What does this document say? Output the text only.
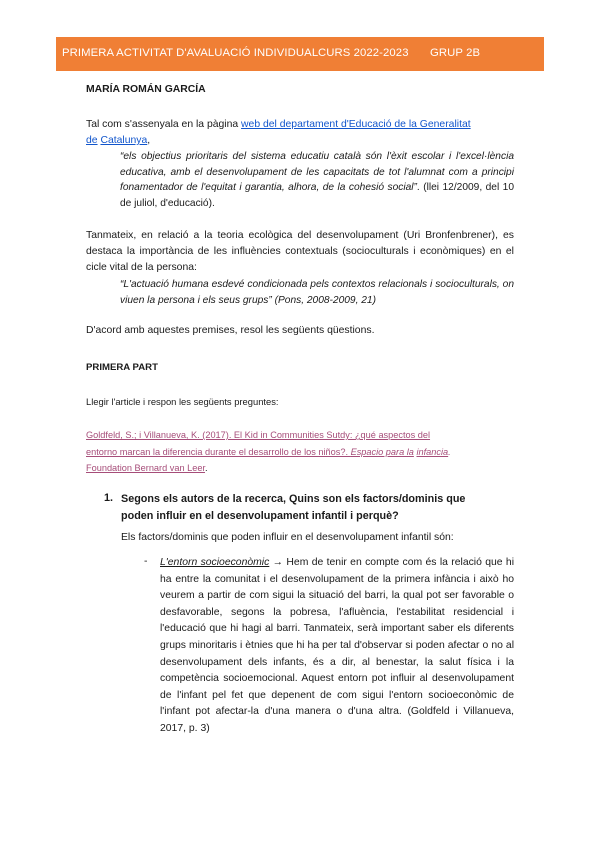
PRIMERA ACTIVITAT D'AVALUACIÓ INDIVIDUAL CURS 2022-2023 GRUP 2B
MARÍA ROMÁN GARCÍA
Tal com s'assenyala en la pàgina web del departament d'Educació de la Generalitat
de Catalunya,
“els objectius prioritaris del sistema educatiu català són l'èxit escolar i l'excel·lència educativa, amb el desenvolupament de les capacitats de tot l'alumnat com a principi fonamentador de l'equitat i garantia, alhora, de la cohesió social”. (llei 12/2009, del 10 de juliol, d'educació).
Tanmateix, en relació a la teoria ecològica del desenvolupament (Uri Bronfenbrener), es destaca la importància de les influències contextuals (socioculturals i econòmiques) en el cicle vital de la persona:
“L'actuació humana esdevé condicionada pels contextos relacionals i socioculturals, on viuen la persona i els seus grups” (Pons, 2008-2009, 21)
D'acord amb aquestes premises, resol les següents qüestions.
PRIMERA PART
Llegir l'article i respon les següents preguntes:
Goldfeld, S.; i Villanueva, K. (2017). El Kid in Communities Sutdy: ¿qué aspectos del
entorno marcan la diferencia durante el desarrollo de los niños?. Espacio para la infancia.
Foundation Bernard van Leer.
1. Segons els autors de la recerca, Quins son els factors/dominis que
poden influir en el desenvolupament infantil i perquè?
Els factors/dominis que poden influir en el desenvolupament infantil són:
- L'entorn socioeconòmic → Hem de tenir en compte com és la relació que hi ha entre la comunitat i el desenvolupament de la primera infància i això ho veurem a partir de com sigui la situació del barri, la qual pot ser favorable o desfavorable, segons la pobresa, l'afluència, l'estabilitat residencial i l'educació que hi hagi al barri. Tanmateix, serà important saber els diferents grups minoritaris i ètnies que hi ha per tal d'observar si poden afectar o no al desenvolupament dels infants, és a dir, al benestar, la salut física i la competència socioemocional. Aquest entorn pot influir al desenvolupament de l'infant pel fet que depenent de com sigui l'entorn socioeconòmic de l'infant pot afectar-la d'una manera o d'una altra. (Goldfeld i Villanueva, 2017, p. 3)
